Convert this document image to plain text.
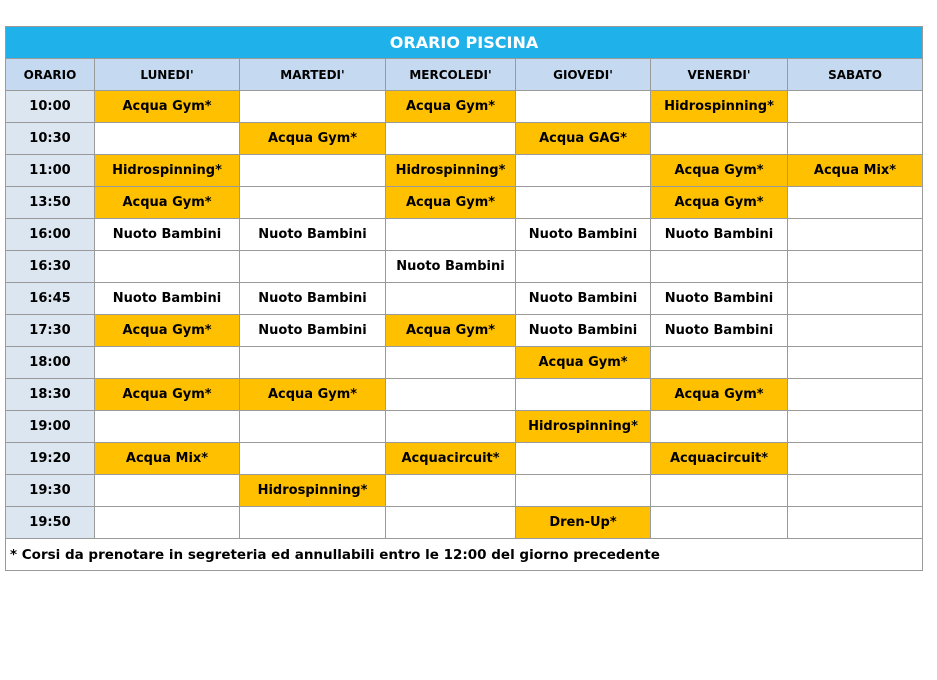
ORARIO PISCINA						
ORARIO	LUNEDI'	MARTEDI'	MERCOLEDI'	GIOVEDI'	VENERDI'	SABATO
10:00	Acqua Gym*		Acqua Gym*		Hidrospinning*	
10:30		Acqua Gym*		Acqua GAG*		
11:00	Hidrospinning*		Hidrospinning*		Acqua Gym*	Acqua Mix*
13:50	Acqua Gym*		Acqua Gym*		Acqua Gym*	
16:00	Nuoto Bambini	Nuoto Bambini		Nuoto Bambini	Nuoto Bambini	
16:30			Nuoto Bambini			
16:45	Nuoto Bambini	Nuoto Bambini		Nuoto Bambini	Nuoto Bambini	
17:30	Acqua Gym*	Nuoto Bambini	Acqua Gym*	Nuoto Bambini	Nuoto Bambini	
18:00				Acqua Gym*		
18:30	Acqua Gym*	Acqua Gym*			Acqua Gym*	
19:00				Hidrospinning*		
19:20	Acqua Mix*		Acquacircuit*		Acquacircuit*	
19:30		Hidrospinning*				
19:50				Dren-Up*		
* Corsi da prenotare in segreteria ed annullabili entro le 12:00 del giorno precedente						
